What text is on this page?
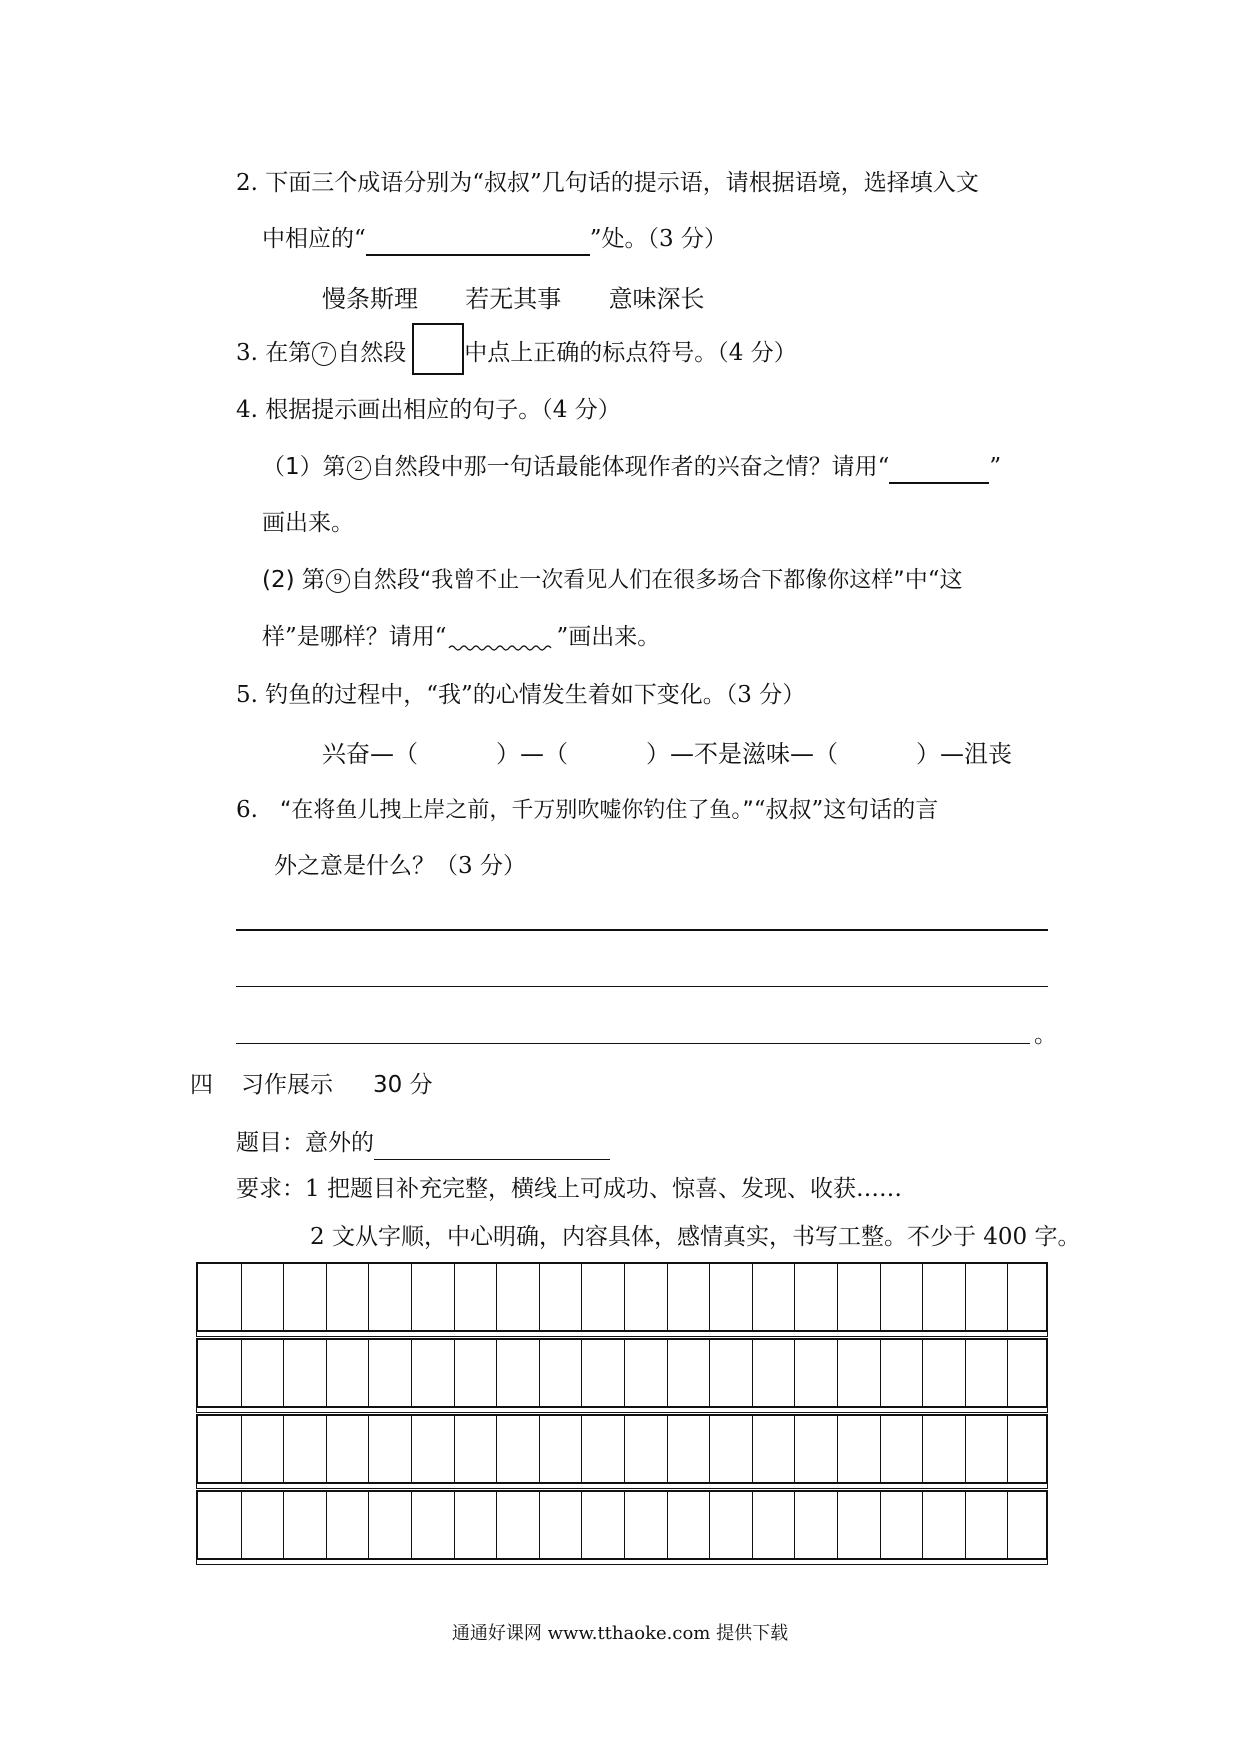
2. 下面三个成语分别为“叔叔”几句话的提示语，请根据语境，选择填入文
中相应的“	”处。（3 分）
慢条斯理 若无其事 意味深长
3. 在第 7 自然段	中点上正确的标点符号。（4 分）
4. 根据提示画出相应的句子。（4 分）
（1）第 2 自然段中那一句话最能体现作者的兴奋之情？请用“	”
画出来。
(2) 第 9 自然段“我曾不止一次看见人们在很多场合下都像你这样”中“这
样”是哪样？请用“	”画出来。
5. 钓鱼的过程中，“我”的心情发生着如下变化。（3 分）
兴奋—（	）—（	）—不是滋味—（	）—沮丧
6. “在将鱼儿拽上岸之前，千万别吹嘘你钓住了鱼。”“叔叔”这句话的言
外之意是什么？（3 分）
。
四 习作展示 30 分
题目：意外的
要求：1 把题目补充完整，横线上可成功、惊喜、发现、收获……
2 文从字顺，中心明确，内容具体，感情真实，书写工整。不少于 400 字。
通通好课网 www.tthaoke.com 提供下载
